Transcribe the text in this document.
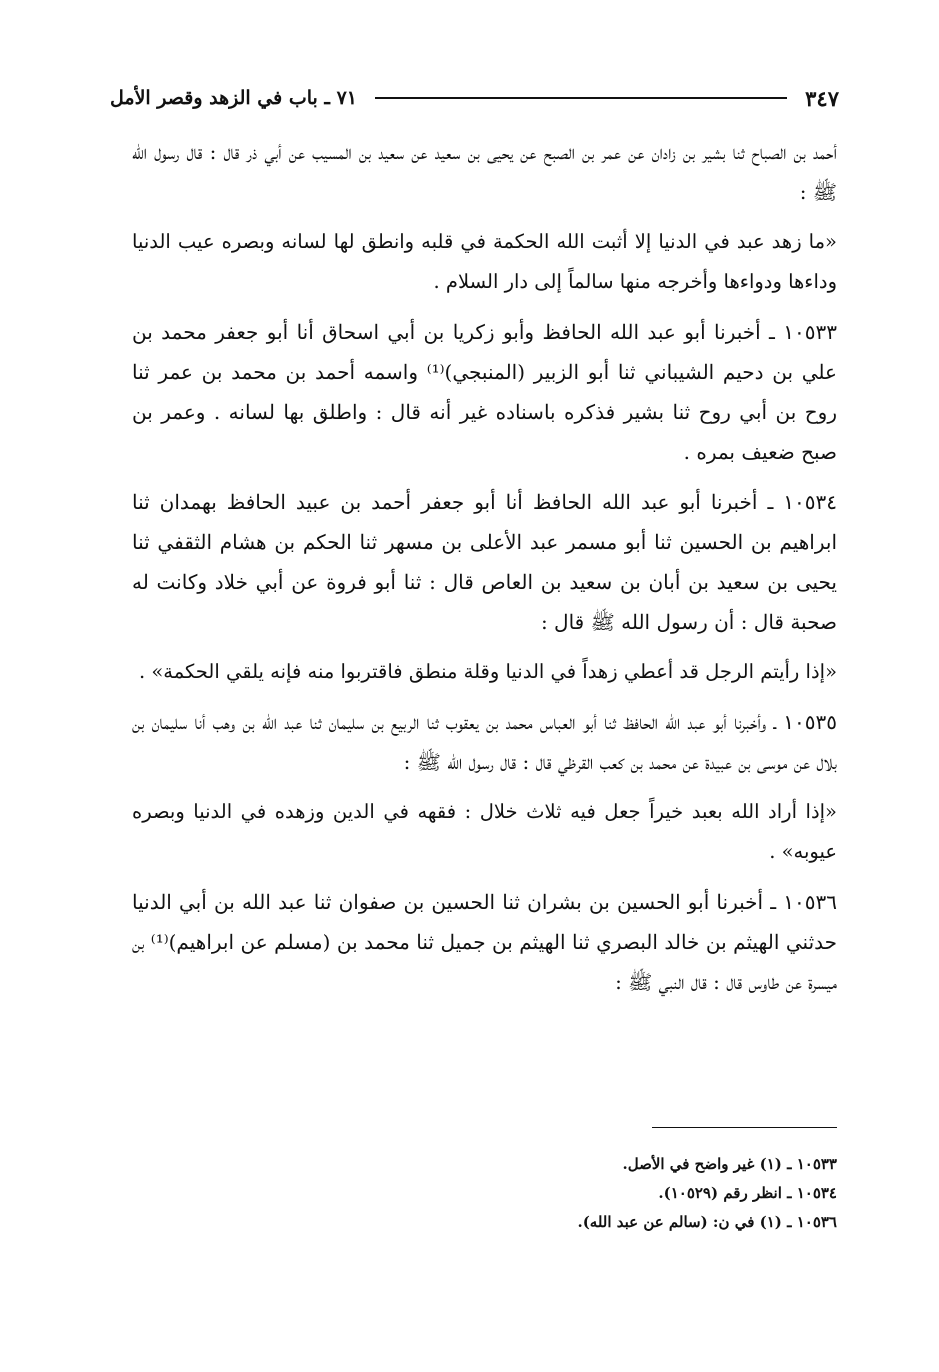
٧١ ـ باب في الزهد وقصر الأمل	٣٤٧

أحمد بن الصباح ثنا بشير بن زادان عن عمر بن الصبح عن يحيى بن سعيد عن سعيد بن المسيب عن أبي ذر قال : قال رسول الله ﷺ :

«ما زهد عبد في الدنيا إلا أثبت الله الحكمة في قلبه وانطق لها لسانه وبصره عيب الدنيا وداءها ودواءها وأخرجه منها سالماً إلى دار السلام .

١٠٥٣٣ ـ أخبرنا أبو عبد الله الحافظ وأبو زكريا بن أبي اسحاق أنا أبو جعفر محمد بن علي بن دحيم الشيباني ثنا أبو الزبير (المنبجي)⁽¹⁾ واسمه أحمد بن محمد بن عمر ثنا روح بن أبي روح ثنا بشير فذكره باسناده غير أنه قال : واطلق بها لسانه . وعمر بن صبح ضعيف بمره .

١٠٥٣٤ ـ أخبرنا أبو عبد الله الحافظ أنا أبو جعفر أحمد بن عبيد الحافظ بهمدان ثنا ابراهيم بن الحسين ثنا أبو مسمر عبد الأعلى بن مسهر ثنا الحكم بن هشام الثقفي ثنا يحيى بن سعيد بن أبان بن سعيد بن العاص قال : ثنا أبو فروة عن أبي خلاد وكانت له صحبة قال : أن رسول الله ﷺ قال :

«إذا رأيتم الرجل قد أعطي زهداً في الدنيا وقلة منطق فاقتربوا منه فإنه يلقي الحكمة» .

١٠٥٣٥ ـ وأخبرنا أبو عبد الله الحافظ ثنا أبو العباس محمد بن يعقوب ثنا الربيع بن سليمان ثنا عبد الله بن وهب أنا سليمان بن بلال عن موسى بن عبيدة عن محمد بن كعب القرظي قال : قال رسول الله ﷺ :

«إذا أراد الله بعبد خيراً جعل فيه ثلاث خلال : فقهه في الدين وزهده في الدنيا وبصره عيوبه» .

١٠٥٣٦ ـ أخبرنا أبو الحسين بن بشران ثنا الحسين بن صفوان ثنا عبد الله بن أبي الدنيا حدثني الهيثم بن خالد البصري ثنا الهيثم بن جميل ثنا محمد بن (مسلم عن ابراهيم)⁽¹⁾ بن ميسرة عن طاوس قال : قال النبي ﷺ :

١٠٥٣٣ ـ (١) غير واضح في الأصل.
١٠٥٣٤ ـ انظر رقم (١٠٥٢٩).
١٠٥٣٦ ـ (١) في ن: (سالم عن عبد الله).
